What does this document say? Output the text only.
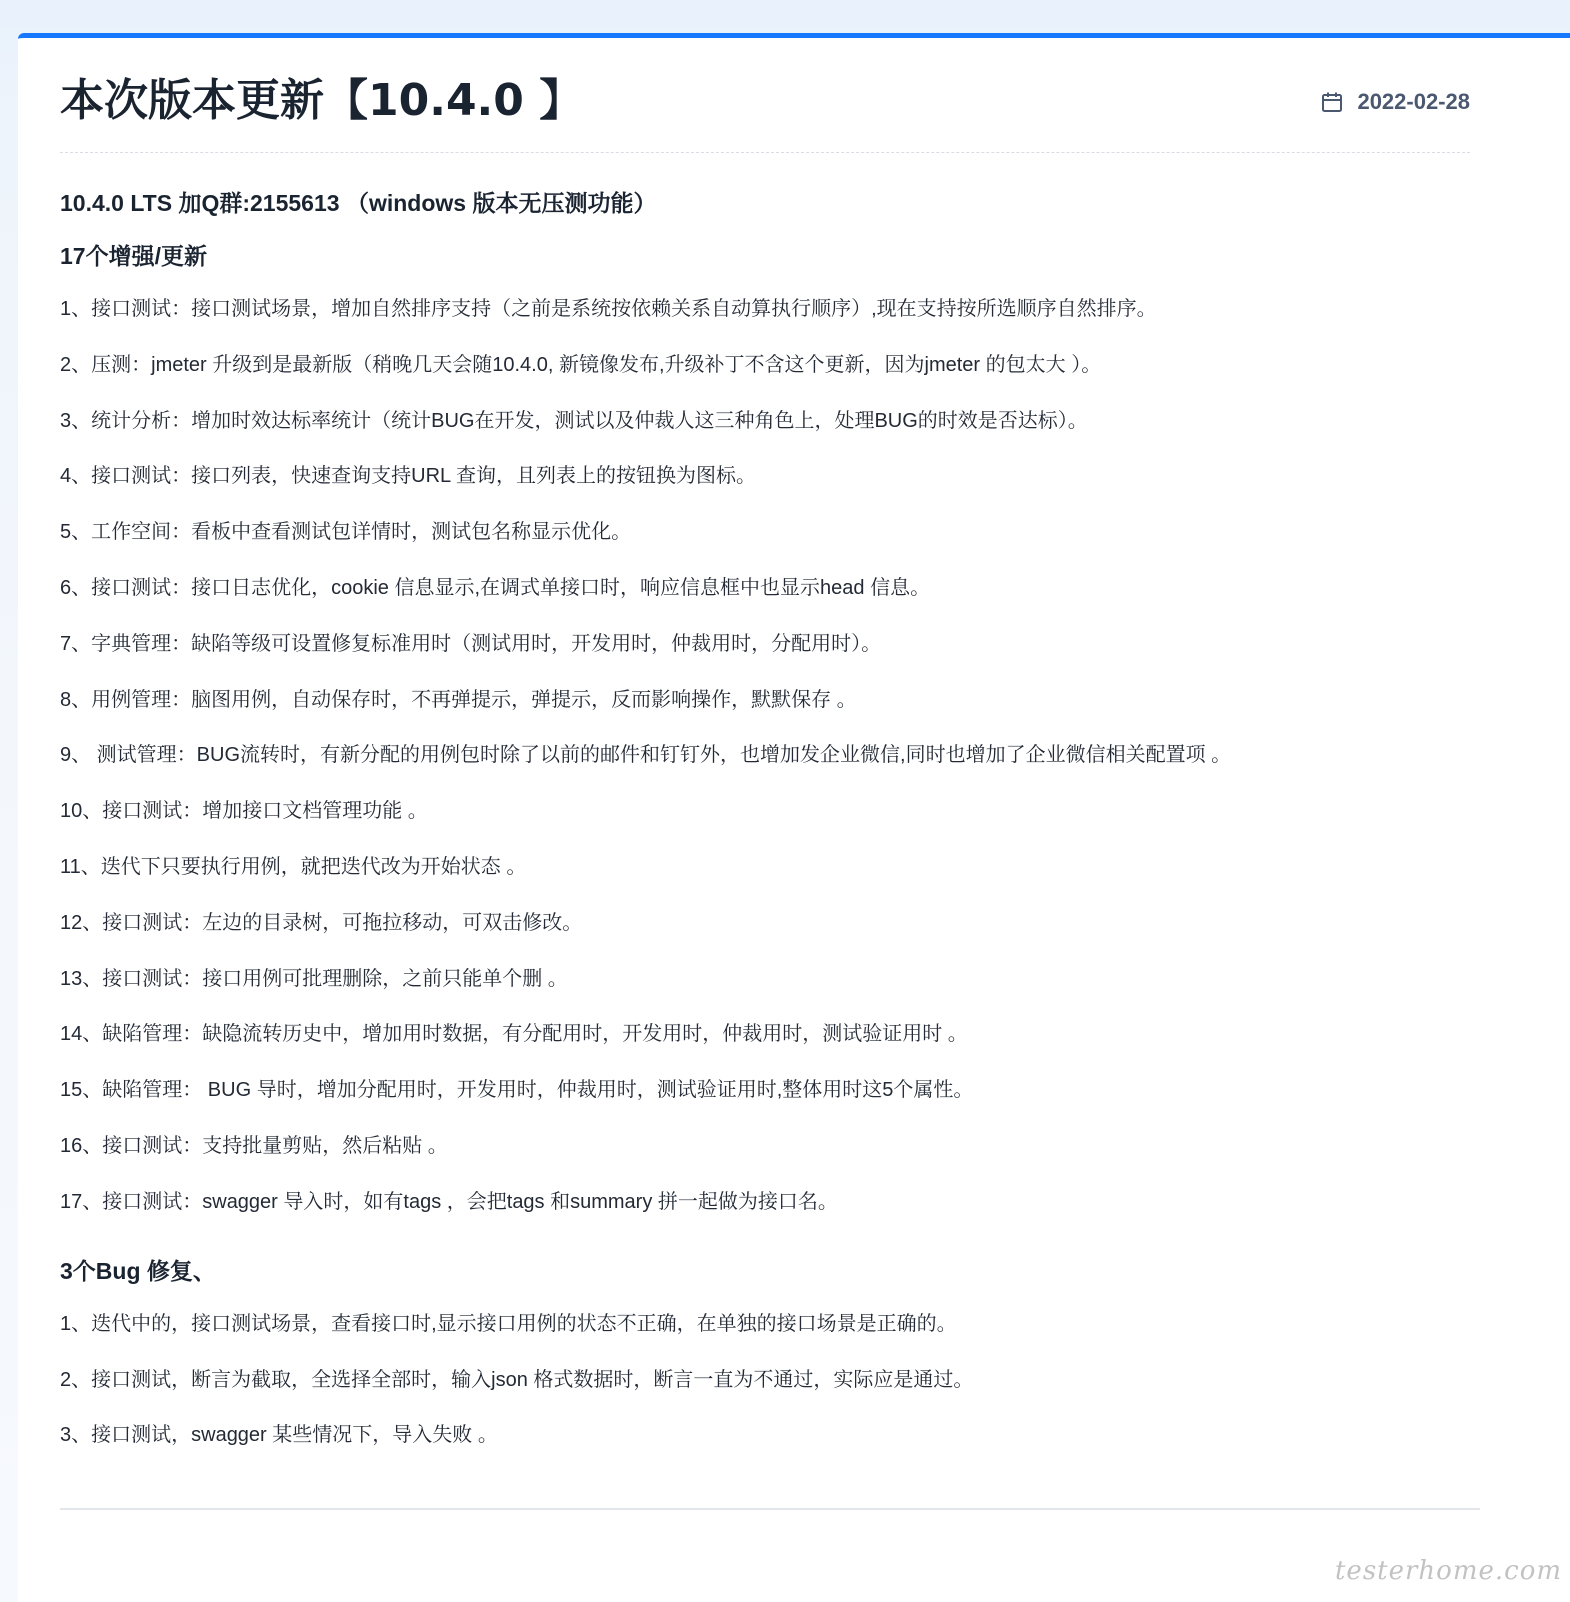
本次版本更新【10.4.0 】	2022-02-28
10.4.0 LTS 加Q群:2155613 （windows 版本无压测功能）
17个增强/更新
1、接口测试：接口测试场景，增加自然排序支持（之前是系统按依赖关系自动算执行顺序）,现在支持按所选顺序自然排序。
2、压测：jmeter 升级到是最新版（稍晚几天会随10.4.0, 新镜像发布,升级补丁不含这个更新，因为jmeter 的包太大 ）。
3、统计分析：增加时效达标率统计（统计BUG在开发，测试以及仲裁人这三种角色上，处理BUG的时效是否达标）。
4、接口测试：接口列表，快速查询支持URL 查询，且列表上的按钮换为图标。
5、工作空间：看板中查看测试包详情时，测试包名称显示优化。
6、接口测试：接口日志优化，cookie 信息显示,在调式单接口时，响应信息框中也显示head 信息。
7、字典管理：缺陷等级可设置修复标准用时（测试用时，开发用时，仲裁用时，分配用时）。
8、用例管理：脑图用例，自动保存时，不再弹提示，弹提示，反而影响操作，默默保存 。
9、 测试管理：BUG流转时，有新分配的用例包时除了以前的邮件和钉钉外，也增加发企业微信,同时也增加了企业微信相关配置项 。
10、接口测试：增加接口文档管理功能 。
11、迭代下只要执行用例，就把迭代改为开始状态 。
12、接口测试：左边的目录树，可拖拉移动，可双击修改。
13、接口测试：接口用例可批理删除，之前只能单个删 。
14、缺陷管理：缺隐流转历史中，增加用时数据，有分配用时，开发用时，仲裁用时，测试验证用时 。
15、缺陷管理： BUG 导时，增加分配用时，开发用时，仲裁用时，测试验证用时,整体用时这5个属性。
16、接口测试：支持批量剪贴，然后粘贴 。
17、接口测试：swagger 导入时，如有tags ，会把tags 和summary 拼一起做为接口名。
3个Bug 修复、
1、迭代中的，接口测试场景，查看接口时,显示接口用例的状态不正确，在单独的接口场景是正确的。
2、接口测试，断言为截取，全选择全部时，输入json 格式数据时，断言一直为不通过，实际应是通过。
3、接口测试，swagger 某些情况下，导入失败 。
testerhome.com
